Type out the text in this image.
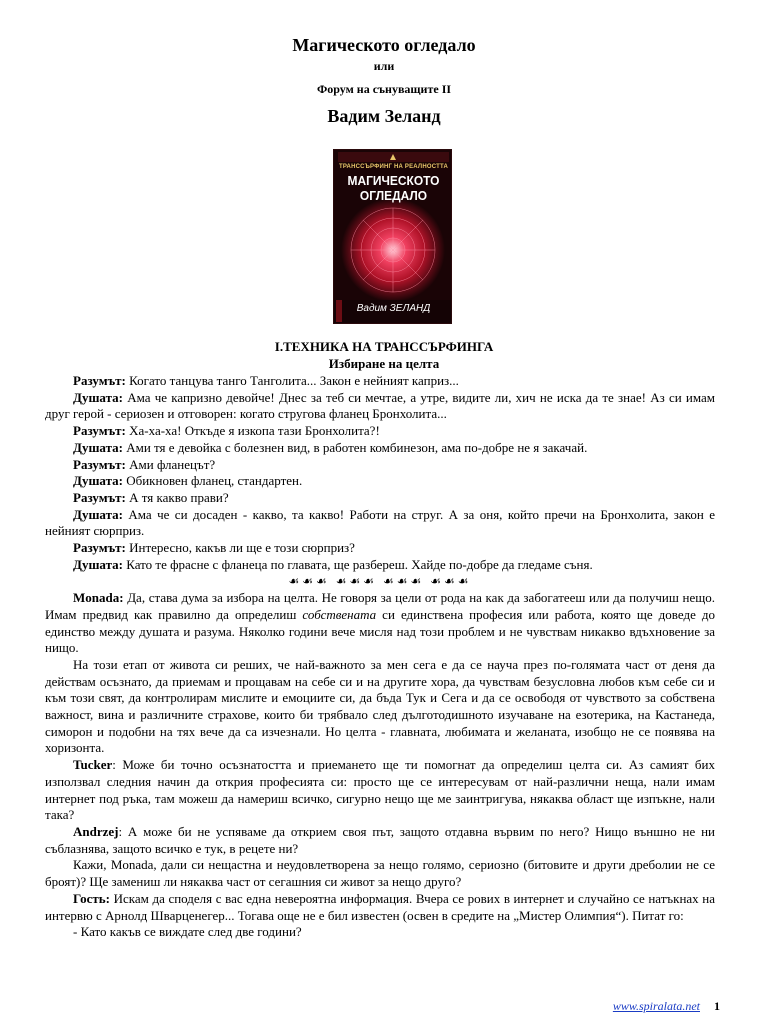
Магическото огледало
или
Форум на сънуващите II
Вадим Зеланд
ТРАНССЪРФИНГ НА РЕАЛНОСТТА
МАГИЧЕСКОТО
ОГЛЕДАЛО
Вадим ЗЕЛАНД
I.ТЕХНИКА НА ТРАНССЪРФИНГА
Избиране на целта

Разумът: Когато танцува танго Танголита... Закон е нейният каприз...

Душата: Ама че капризно девойче! Днес за теб си мечтае, а утре, видите ли, хич не иска да те знае! Аз си имам друг герой - сериозен и отговорен: когато стругова фланец Бронхолита...

Разумът: Ха-ха-ха! Откъде я изкопа тази Бронхолита?!

Душата: Ами тя е девойка с болезнен вид, в работен комбинезон, ама по-добре не я закачай.

Разумът: Ами фланецът?

Душата: Обикновен фланец, стандартен.

Разумът: А тя какво прави?

Душата: Ама че си досаден - какво, та какво! Работи на струг. А за оня, който пречи на Бронхолита, закон е нейният сюрприз.

Разумът: Интересно, какъв ли ще е този сюрприз?

Душата: Като те фрасне с фланеца по главата, ще разбереш. Хайде по-добре да гледаме съня.

☙☙☙ ☙☙☙ ☙☙☙ ☙☙☙

Monada: Да, става дума за избора на целта. Не говоря за цели от рода на как да забогатееш или да получиш нещо. Имам предвид как правилно да определиш собствената си единствена професия или работа, която ще доведе до единство между душата и разума. Няколко години вече мисля над този проблем и не чувствам никакво вдъхновение за нищо.

На този етап от живота си реших, че най-важното за мен сега е да се науча през по-голямата част от деня да действам осъзнато, да приемам и прощавам на себе си и на другите хора, да чувствам безусловна любов към себе си и към този свят, да контролирам мислите и емоциите си, да бъда Тук и Сега и да се освободя от чувството за собствена важност, вина и различните страхове, които би трябвало след дълготодишното изучаване на езотерика, на Кастанеда, симорон и подобни на тях вече да са изчезнали. Но целта - главната, любимата и желаната, изобщо не се появява на хоризонта.

Tucker: Може би точно осъзнатостта и приемането ще ти помогнат да определиш целта си. Аз самият бих използвал следния начин да открия професията си: просто ще се интересувам от най-различни неща, нали имам интернет под ръка, там можеш да намериш всичко, сигурно нещо ще ме заинтригува, някаква област ще изпъкне, нали така?

Andrzej: А може би не успяваме да открием своя път, защото отдавна вървим по него? Нищо външно не ни съблазнява, защото всичко е тук, в рецете ни?

Кажи, Monada, дали си нещастна и неудовлетворена за нещо голямо, сериозно (битовите и други дреболии не се броят)? Ще замениш ли някаква част от сегашния си живот за нещо друго?

Гость: Искам да споделя с вас една невероятна информация. Вчера се рових в интернет и случайно се натъкнах на интервю с Арнолд Шварценегер... Тогава още не е бил известен (освен в средите на „Мистер Олимпия“). Питат го:

- Като какъв се виждате след две години?

www.spiralata.net 1
